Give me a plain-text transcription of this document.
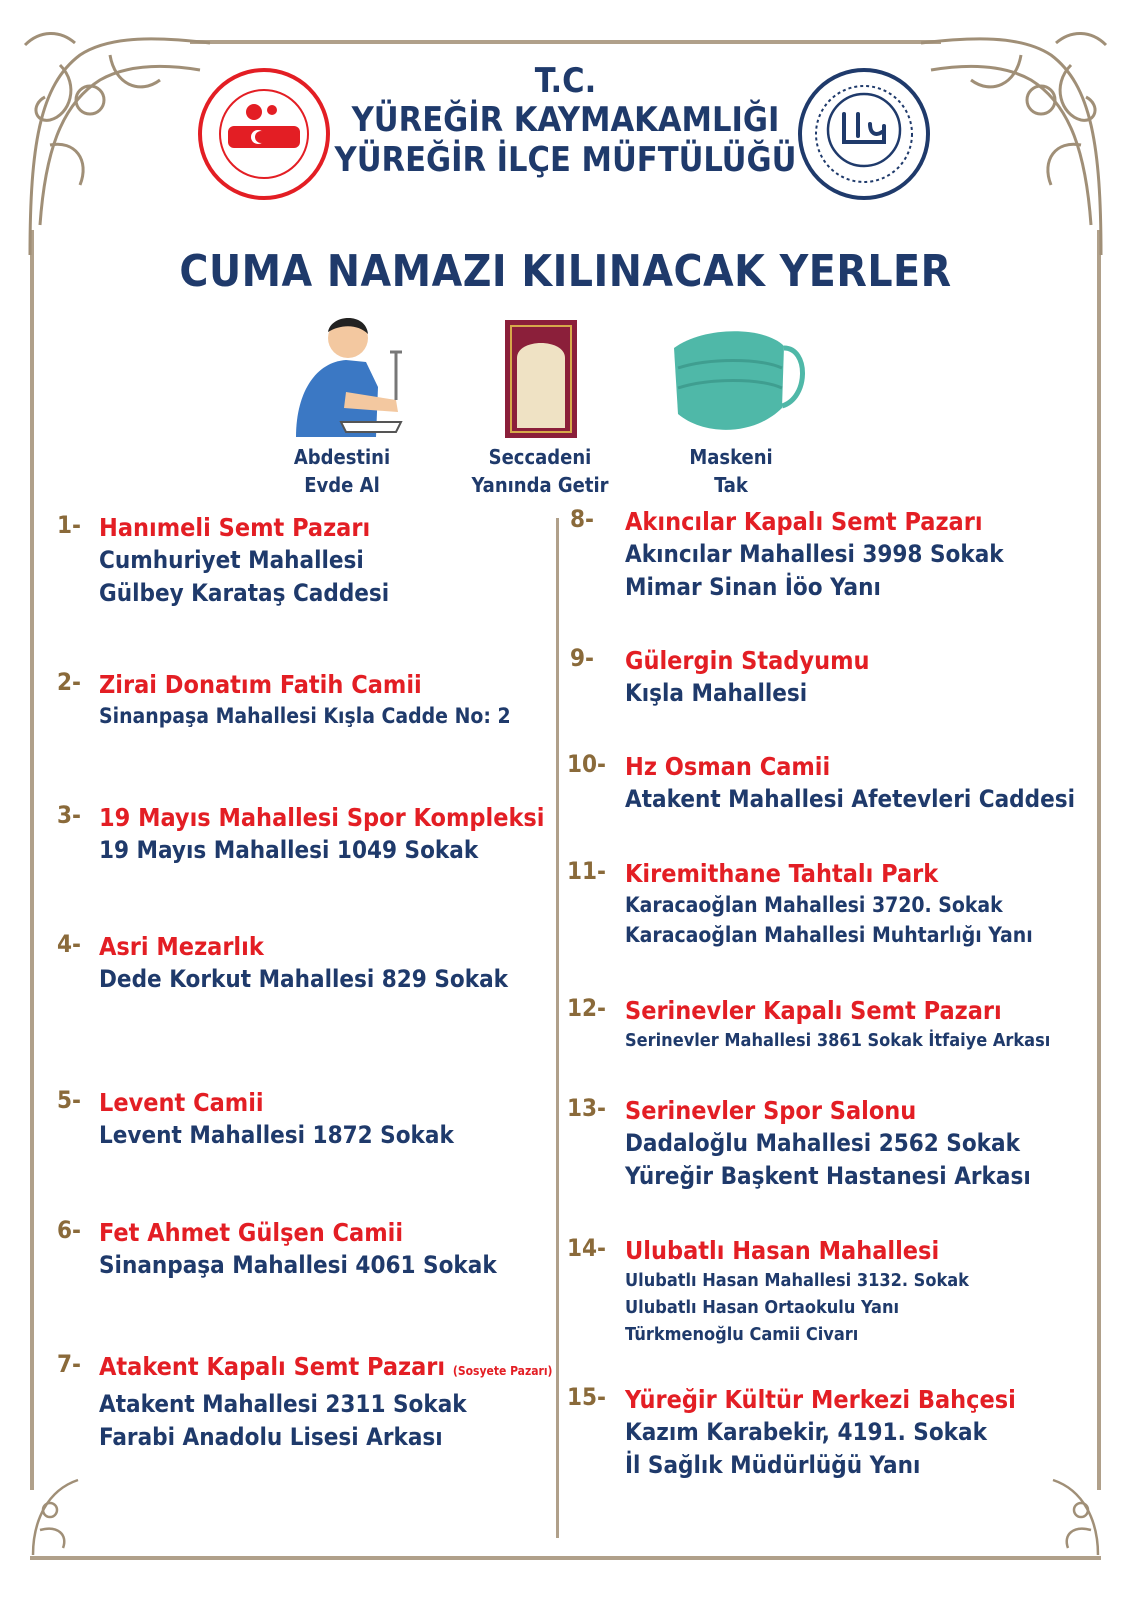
T.C.
YÜREĞİR KAYMAKAMLIĞI
YÜREĞİR İLÇE MÜFTÜLÜĞÜ
CUMA NAMAZI KILINACAK YERLER
Abdestini
Evde Al
Seccadeni
Yanında Getir
Maskeni
Tak
1- Hanımeli Semt Pazarı
Cumhuriyet Mahallesi
Gülbey Karataş Caddesi
2- Zirai Donatım Fatih Camii
Sinanpaşa Mahallesi Kışla Cadde No: 2
3- 19 Mayıs Mahallesi Spor Kompleksi
19 Mayıs Mahallesi 1049 Sokak
4- Asri Mezarlık
Dede Korkut Mahallesi 829 Sokak
5- Levent Camii
Levent Mahallesi 1872 Sokak
6- Fet Ahmet Gülşen Camii
Sinanpaşa Mahallesi 4061 Sokak
7- Atakent Kapalı Semt Pazarı (Sosyete Pazarı)
Atakent Mahallesi 2311 Sokak
Farabi Anadolu Lisesi Arkası
8- Akıncılar Kapalı Semt Pazarı
Akıncılar Mahallesi 3998 Sokak
Mimar Sinan İöo Yanı
9- Gülergin Stadyumu
Kışla Mahallesi
10- Hz Osman Camii
Atakent Mahallesi Afetevleri Caddesi
11- Kiremithane Tahtalı Park
Karacaoğlan Mahallesi 3720. Sokak
Karacaoğlan Mahallesi Muhtarlığı Yanı
12- Serinevler Kapalı Semt Pazarı
Serinevler Mahallesi 3861 Sokak İtfaiye Arkası
13- Serinevler Spor Salonu
Dadaloğlu Mahallesi 2562 Sokak
Yüreğir Başkent Hastanesi Arkası
14- Ulubatlı Hasan Mahallesi
Ulubatlı Hasan Mahallesi 3132. Sokak
Ulubatlı Hasan Ortaokulu Yanı
Türkmenoğlu Camii Civarı
15- Yüreğir Kültür Merkezi Bahçesi
Kazım Karabekir, 4191. Sokak
İl Sağlık Müdürlüğü Yanı
